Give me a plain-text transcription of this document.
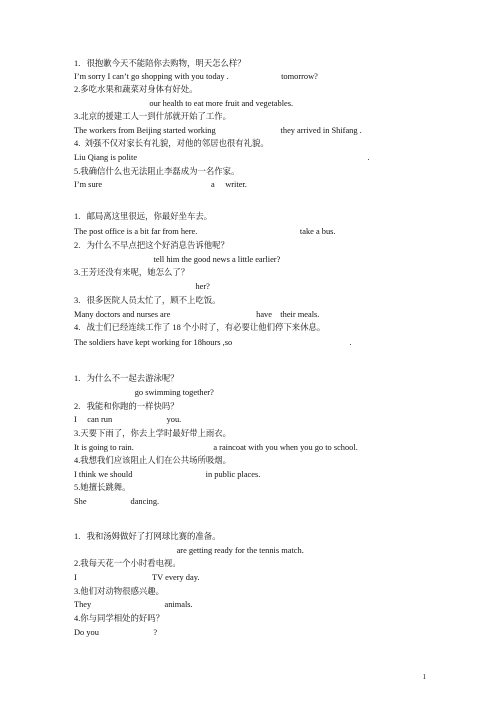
1.   很抱歉今天不能陪你去购物，明天怎么样？
I’m sorry I can’t go shopping with you today .                         tomorrow?
2.多吃水果和蔬菜对身体有好处。
our health to eat more fruit and vegetables.
3.北京的援建工人一到什邡就开始了工作。
The workers from Beijing started working                               they arrived in Shifang .
4.  刘强不仅对家长有礼貌，对他的邻居也很有礼貌。
Liu Qiang is polite                                                                                                              .
5.我确信什么也无法阻止李磊成为一名作家。
I’m sure                                                    a     writer.
1.   邮局离这里很远，你最好坐车去。
The post office is a bit far from here.                                                 take a bus.
2.   为什么不早点把这个好消息告诉他呢？
tell him the good news a little earlier?
3.王芳还没有来呢，她怎么了？
her?
3.   很多医院人员太忙了，顾不上吃饭。
Many doctors and nurses are                                         have    their meals.
4.   战士们已经连续工作了 18 个小时了，有必要让他们停下来休息。
The soldiers have kept working for 18hours ,so                                                        .
1.   为什么不一起去游泳呢？
go swimming together?
2.   我能和你跑的一样快吗？
I     can run                          you.
3.天要下雨了，你去上学时最好带上雨衣。
It is going to rain.                                      a raincoat with you when you go to school.
4.我想我们应该阻止人们在公共场所吸烟。
I think we should                                   in public places.
5.她擅长跳舞。
She                     dancing.
1.   我和汤姆做好了打网球比赛的准备。
are getting ready for the tennis match.
2.我每天花一个小时看电视。
I                                    TV every day.
3.他们对动物很感兴趣。
They                                   animals.
4.你与同学相处的好吗？
Do you                          ?
1
